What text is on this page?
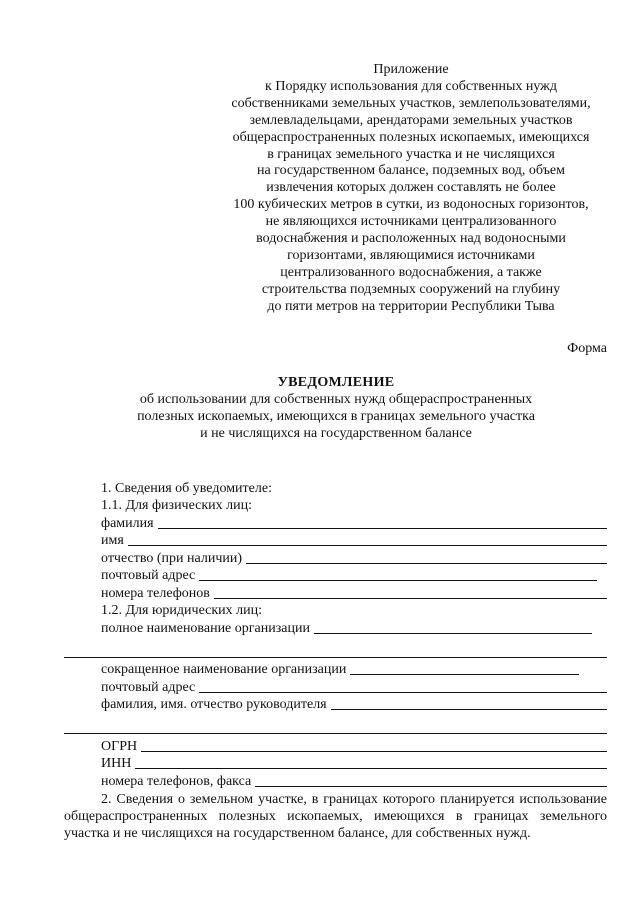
Приложение
к Порядку использования для собственных нужд
собственниками земельных участков, землепользователями,
землевладельцами, арендаторами земельных участков
общераспространенных полезных ископаемых, имеющихся
в границах земельного участка и не числящихся
на государственном балансе, подземных вод, объем
извлечения которых должен составлять не более
100 кубических метров в сутки, из водоносных горизонтов,
не являющихся источниками централизованного
водоснабжения и расположенных над водоносными
горизонтами, являющимися источниками
централизованного водоснабжения, а также
строительства подземных сооружений на глубину
до пяти метров на территории Республики Тыва
Форма
УВЕДОМЛЕНИЕ
об использовании для собственных нужд общераспространенных
полезных ископаемых, имеющихся в границах земельного участка
и не числящихся на государственном балансе
1. Сведения об уведомителе:
1.1. Для физических лиц:
фамилия
имя
отчество (при наличии)
почтовый адрес
номера телефонов
1.2. Для юридических лиц:
полное наименование организации
сокращенное наименование организации
почтовый адрес
фамилия, имя. отчество руководителя
ОГРН
ИНН
номера телефонов, факса
2. Сведения о земельном участке, в границах которого планируется использование общераспространенных полезных ископаемых, имеющихся в границах земельного участка и не числящихся на государственном балансе, для собственных нужд.
